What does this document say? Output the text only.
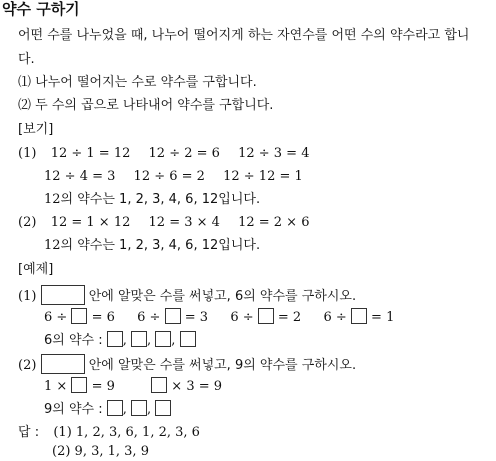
약수 구하기
어떤 수를 나누었을 때, 나누어 떨어지게 하는 자연수를 어떤 수의 약수라고 합니
다.
⑴ 나누어 떨어지는 수로 약수를 구합니다.
⑵ 두 수의 곱으로 나타내어 약수를 구합니다.
[보기]
(1) 12 ÷ 1 = 12 12 ÷ 2 = 6 12 ÷ 3 = 4
12 ÷ 4 = 3 12 ÷ 6 = 2 12 ÷ 12 = 1
12의 약수는 1, 2, 3, 4, 6, 12입니다.
(2) 12 = 1 × 12 12 = 3 × 4 12 = 2 × 6
12의 약수는 1, 2, 3, 4, 6, 12입니다.
[예제]
(1)	안에 알맞은 수를 써넣고, 6의 약수를 구하시오.
6 ÷ = 6 6 ÷ = 3 6 ÷ = 2 6 ÷ = 1
6의 약수 : , , ,
(2)	안에 알맞은 수를 써넣고, 9의 약수를 구하시오.
1 × = 9	× 3 = 9
9의 약수 : , ,
답 : (1) 1, 2, 3, 6, 1, 2, 3, 6
(2) 9, 3, 1, 3, 9
